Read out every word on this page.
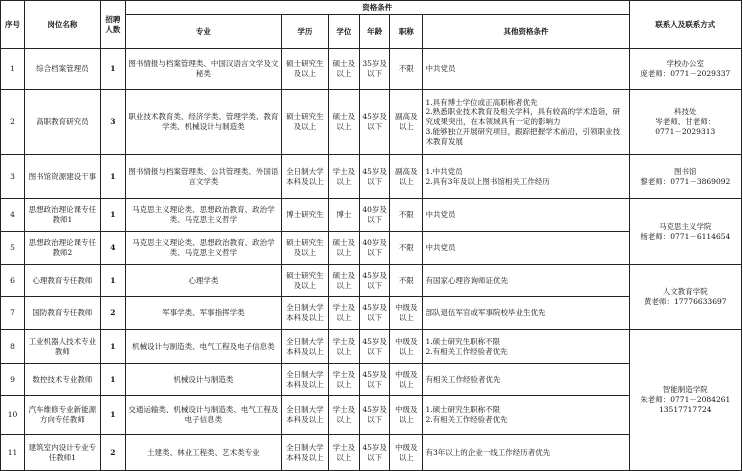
序号	岗位名称	招聘
人数	资格条件						联系人及联系方式
			专业	学历	学位	年龄	职称	其他资格条件	
1	综合档案管理员	1	图书情报与档案管理类、中国汉语言文学及文秘类	硕士研究生及以上	硕士及以上	35岁及以下	不限	中共党员	学校办公室
庞老师：0771－2029337
2	高职教育研究员	3	职业技术教育类、经济学类、管理学类、教育学类、机械设计与制造类	硕士研究生及以上	硕士及以上	45岁及以下	副高及以上	1.具有博士学位或正高职称者优先
2.熟悉职业技术教育及相关学科，具有较高的学术造诣，研究成果突出，在本领域具有一定的影响力
3.能够独立开展研究项目，跟踪把握学术前沿，引领职业技术教育发展	科技处
岑老师、甘老师：
0771－2029313
3	图书馆资源建设干事	1	图书情报与档案管理类、公共管理类、外国语言文学类	全日制大学本科及以上	学士及以上	45岁及以下	副高及以上	1.中共党员
2.具有3年及以上图书馆相关工作经历	图书馆
黎老师：0771－3869092
4	思想政治理论课专任教师1	1	马克思主义理论类、思想政治教育、政治学类、马克思主义哲学	博士研究生	博士	40岁及以下	不限	中共党员	马克思主义学院
杨老师：0771－6114654
5	思想政治理论课专任教师2	4	马克思主义理论类、思想政治教育、政治学类、马克思主义哲学	硕士研究生及以上	硕士及以上	40岁及以下	不限	中共党员	
6	心理教育专任教师	1	心理学类	硕士研究生及以上	硕士及以上	45岁及以下	不限	有国家心理咨询师证优先	人文教育学院
黄老师：17776633697
7	国防教育专任教师	2	军事学类、军事指挥学类	全日制大学本科及以上	学士及以上	45岁及以下	中级及以上	部队退伍军官或军事院校毕业生优先	
8	工业机器人技术专业教师	1	机械设计与制造类、电气工程及电子信息类	全日制大学本科及以上	学士及以上	45岁及以下	中级及以上	1.硕士研究生职称不限
2.有相关工作经验者优先	智能制造学院
朱老师：0771－2084261
13517717724
9	数控技术专业教师	1	机械设计与制造类	全日制大学本科及以上	学士及以上	45岁及以下	中级及以上	有相关工作经验者优先	
10	汽车维修专业新能源方向专任教师	1	交通运输类、机械设计与制造类、电气工程及电子信息类	全日制大学本科及以上	学士及以上	45岁及以下	中级及以上	1.硕士研究生职称不限
2.有相关工作经验者优先	
11	建筑室内设计专业专任教师1	2	土建类、林业工程类、艺术类专业	全日制大学本科及以上	学士及以上	45岁及以下	中级及以上	有3年以上的企业一线工作经历者优先	
